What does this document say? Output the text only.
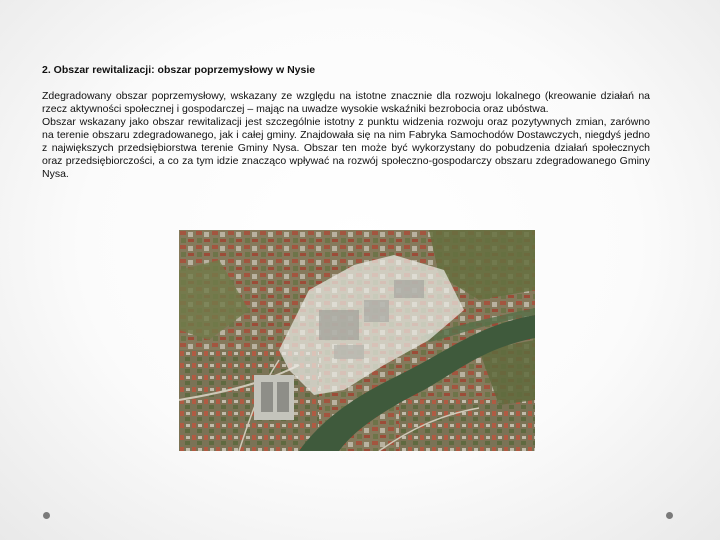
2. Obszar rewitalizacji: obszar poprzemysłowy w Nysie

Zdegradowany obszar poprzemysłowy, wskazany ze względu na istotne znacznie dla rozwoju lokalnego (kreowanie działań na rzecz aktywności społecznej i gospodarczej – mając na uwadze wysokie wskaźniki bezrobocia oraz ubóstwa.

Obszar wskazany jako obszar rewitalizacji jest szczególnie istotny z punktu widzenia rozwoju oraz pozytywnych zmian, zarówno na terenie obszaru zdegradowanego, jak i całej gminy. Znajdowała się na nim Fabryka Samochodów Dostawczych, niegdyś jedno z największych przedsiębiorstwa terenie Gminy Nysa. Obszar ten może być wykorzystany do pobudzenia działań społecznych oraz przedsiębiorczości, a co za tym idzie znacząco wpływać na rozwój społeczno-gospodarczy obszaru zdegradowanego Gminy Nysa.
